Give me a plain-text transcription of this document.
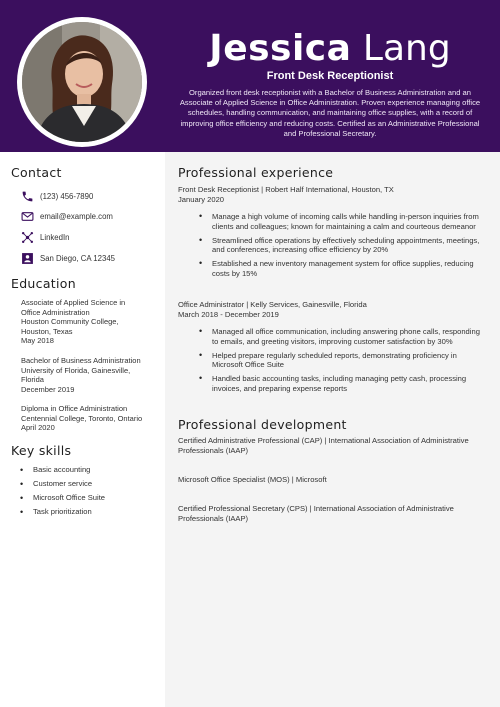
Jessica Lang
Front Desk Receptionist
Organized front desk receptionist with a Bachelor of Business Administration and an Associate of Applied Science in Office Administration. Proven experience managing office schedules, handling communication, and maintaining office supplies, with a record of improving office efficiency and reducing costs. Certified as an Administrative Professional and Professional Secretary.
Contact
(123) 456-7890
email@example.com
LinkedIn
San Diego, CA 12345
Education
Associate of Applied Science in
Office Administration
Houston Community College,
Houston, Texas
May 2018
Bachelor of Business Administration
University of Florida, Gainesville,
Florida
December 2019
Diploma in Office Administration
Centennial College, Toronto, Ontario
April 2020
Key skills
• Basic accounting
• Customer service
• Microsoft Office Suite
• Task prioritization
Professional experience
Front Desk Receptionist | Robert Half International, Houston, TX
January 2020
• Manage a high volume of incoming calls while handling in-person inquiries from clients and colleagues; known for maintaining a calm and courteous demeanor
• Streamlined office operations by effectively scheduling appointments, meetings, and conferences, increasing office efficiency by 20%
• Established a new inventory management system for office supplies, reducing costs by 15%
Office Administrator | Kelly Services, Gainesville, Florida
March 2018 - December 2019
• Managed all office communication, including answering phone calls, responding to emails, and greeting visitors, improving customer satisfaction by 30%
• Helped prepare regularly scheduled reports, demonstrating proficiency in Microsoft Office Suite
• Handled basic accounting tasks, including managing petty cash, processing invoices, and preparing expense reports
Professional development
Certified Administrative Professional (CAP) | International Association of Administrative Professionals (IAAP)
Microsoft Office Specialist (MOS) | Microsoft
Certified Professional Secretary (CPS) | International Association of Administrative Professionals (IAAP)
